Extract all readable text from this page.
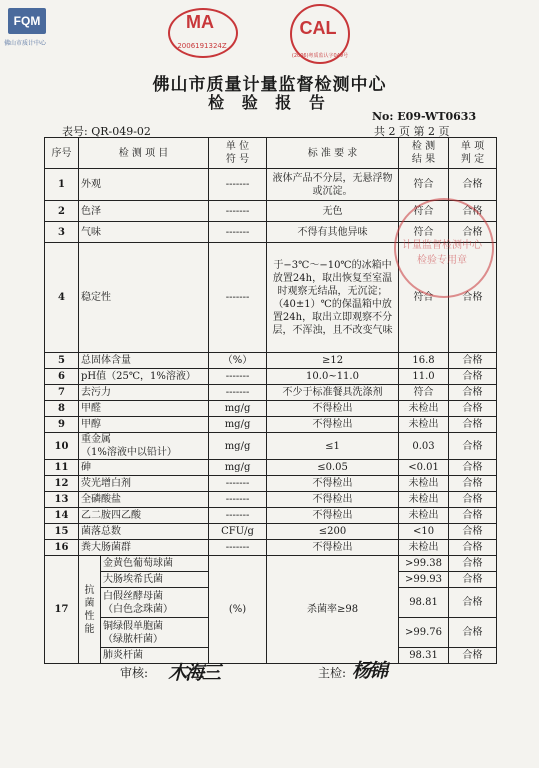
FQM
佛山市质计中心
MA
2006191324Z
CAL
(2006)粤质监认字049号
佛山市质量计量监督检测中心
检 验 报 告
No: E09-WT0633
表号: QR-049-02	共 2 页 第 2 页
序号	检 测 项 目		单 位
符 号	标 准 要 求	检 测
结 果	单 项
判 定
1	外观		-------	液体产品不分层，无悬浮物或沉淀。	符合	合格
2	色泽		-------	无色	符合	合格
3	气味		-------	不得有其他异味	符合	合格
4	稳定性		-------	于−3℃～−10℃的冰箱中放置24h，取出恢复至室温时观察无结晶，无沉淀；（40±1）℃的保温箱中放置24h，取出立即观察不分层，不浑浊，且不改变气味	符合	合格
5	总固体含量		（%）	≥12	16.8	合格
6	pH值（25℃，1%溶液）		-------	10.0~11.0	11.0	合格
7	去污力		-------	不少于标准餐具洗涤剂	符合	合格
8	甲醛		mg/g	不得检出	未检出	合格
9	甲醇		mg/g	不得检出	未检出	合格
10	重金属
（1%溶液中以铅计）		mg/g	≤1	0.03	合格
11	砷		mg/g	≤0.05	<0.01	合格
12	荧光增白剂		-------	不得检出	未检出	合格
13	全磷酸盐		-------	不得检出	未检出	合格
14	乙二胺四乙酸		-------	不得检出	未检出	合格
15	菌落总数		CFU/g	≤200	<10	合格
16	粪大肠菌群		-------	不得检出	未检出	合格
17	抗
菌
性
能	金黄色葡萄球菌	(%)	杀菌率≥98	>99.38	合格
		大肠埃希氏菌			>99.93	合格
		白假丝酵母菌
（白色念珠菌）			98.81	合格
		铜绿假单胞菌
（绿脓杆菌）			>99.76	合格
		肺炎杆菌			98.31	合格
计量监督检测中心 检验专用章
审核: 木海三	主检: 杨锦
